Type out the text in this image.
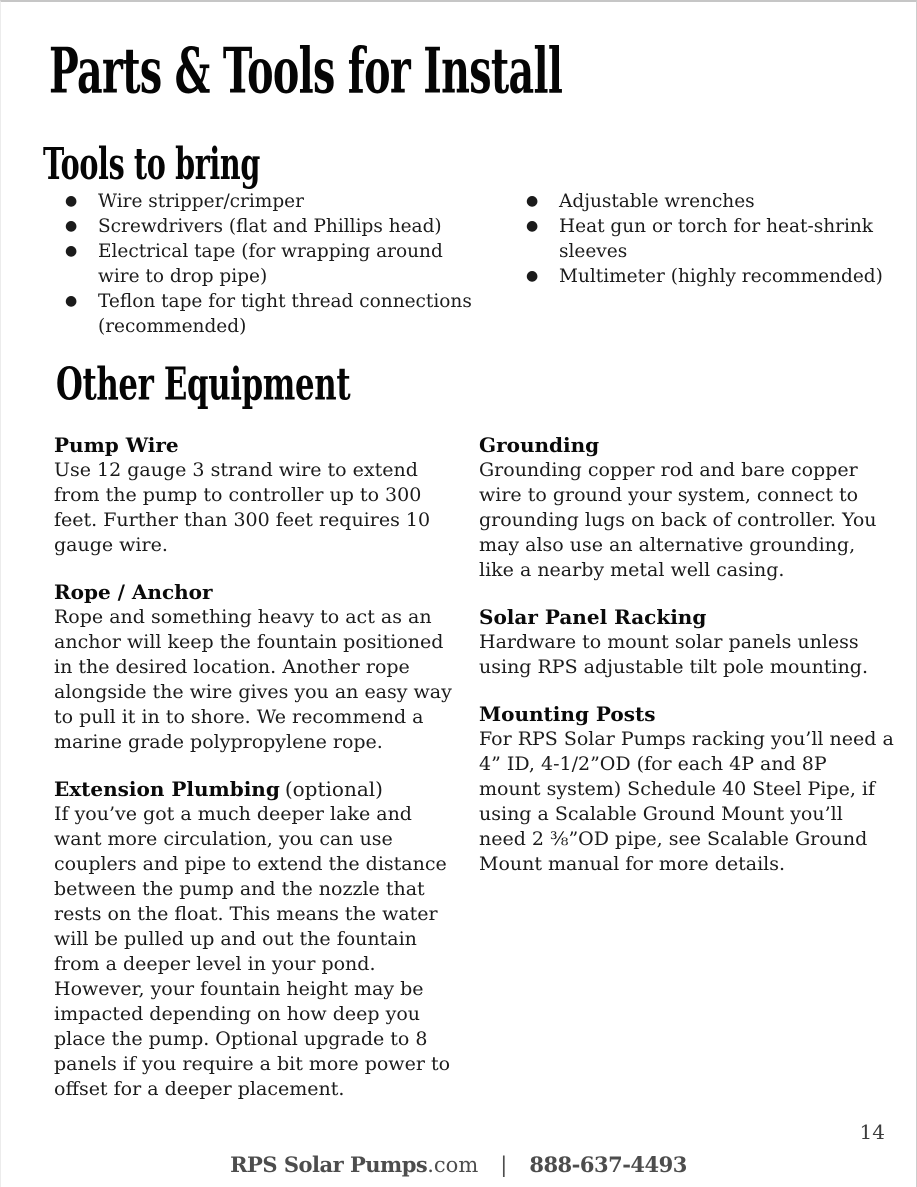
Parts & Tools for Install
Tools to bring
● Wire stripper/crimper
● Screwdrivers (flat and Phillips head)
● Electrical tape (for wrapping around wire to drop pipe)
● Teflon tape for tight thread connections (recommended)
● Adjustable wrenches
● Heat gun or torch for heat-shrink sleeves
● Multimeter (highly recommended)
Other Equipment
Pump Wire

Use 12 gauge 3 strand wire to extend from the pump to controller up to 300 feet. Further than 300 feet requires 10 gauge wire.

Rope / Anchor

Rope and something heavy to act as an anchor will keep the fountain positioned in the desired location. Another rope alongside the wire gives you an easy way to pull it in to shore. We recommend a marine grade polypropylene rope.

Extension Plumbing (optional)

If you’ve got a much deeper lake and want more circulation, you can use couplers and pipe to extend the distance between the pump and the nozzle that rests on the float. This means the water will be pulled up and out the fountain from a deeper level in your pond. However, your fountain height may be impacted depending on how deep you place the pump. Optional upgrade to 8 panels if you require a bit more power to offset for a deeper placement.

Grounding

Grounding copper rod and bare copper wire to ground your system, connect to grounding lugs on back of controller. You may also use an alternative grounding, like a nearby metal well casing.

Solar Panel Racking

Hardware to mount solar panels unless using RPS adjustable tilt pole mounting.

Mounting Posts

For RPS Solar Pumps racking you’ll need a 4” ID, 4-1/2”OD (for each 4P and 8P mount system) Schedule 40 Steel Pipe, if using a Scalable Ground Mount you’ll need 2 ⅜”OD pipe, see Scalable Ground Mount manual for more details.

14
RPS Solar Pumps.com | 888-637-4493
